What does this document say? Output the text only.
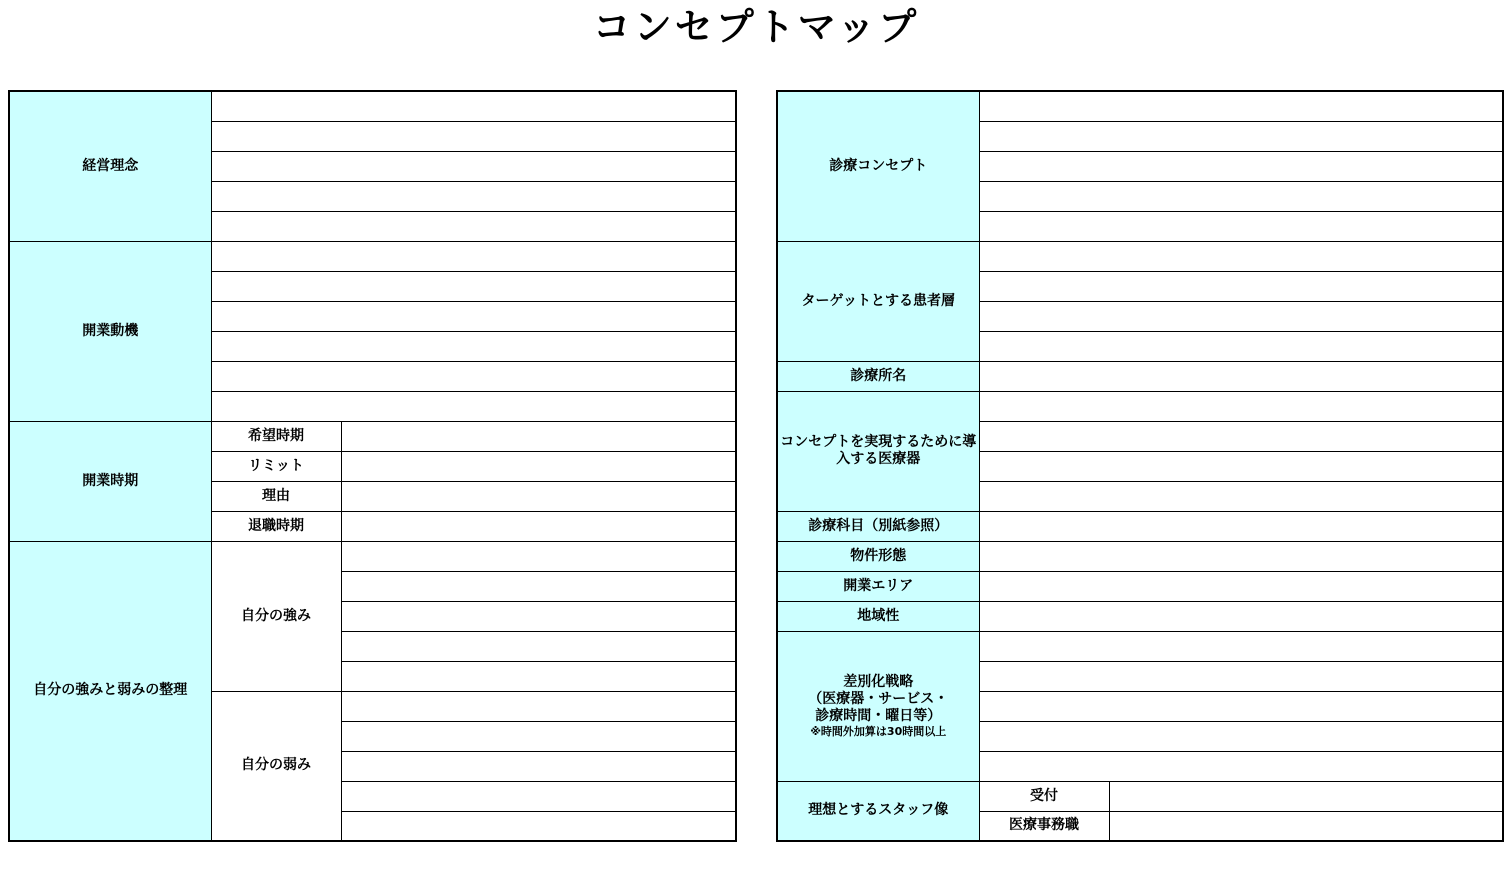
コンセプトマップ
経営理念		

開業動機		

開業時期	希望時期	
	リミット	
	理由	
	退職時期	
自分の強みと弱みの整理	自分の強み	

	自分の弱み	

診療コンセプト		

ターゲットとする患者層		

診療所名		
コンセプトを実現するために導入する医療器		

診療科目（別紙参照）		
物件形態		
開業エリア		
地域性		

差別化戦略
（医療器・サービス・
診療時間・曜日等）
※時間外加算は30時間以上		

理想とするスタッフ像	受付	
	医療事務職	
